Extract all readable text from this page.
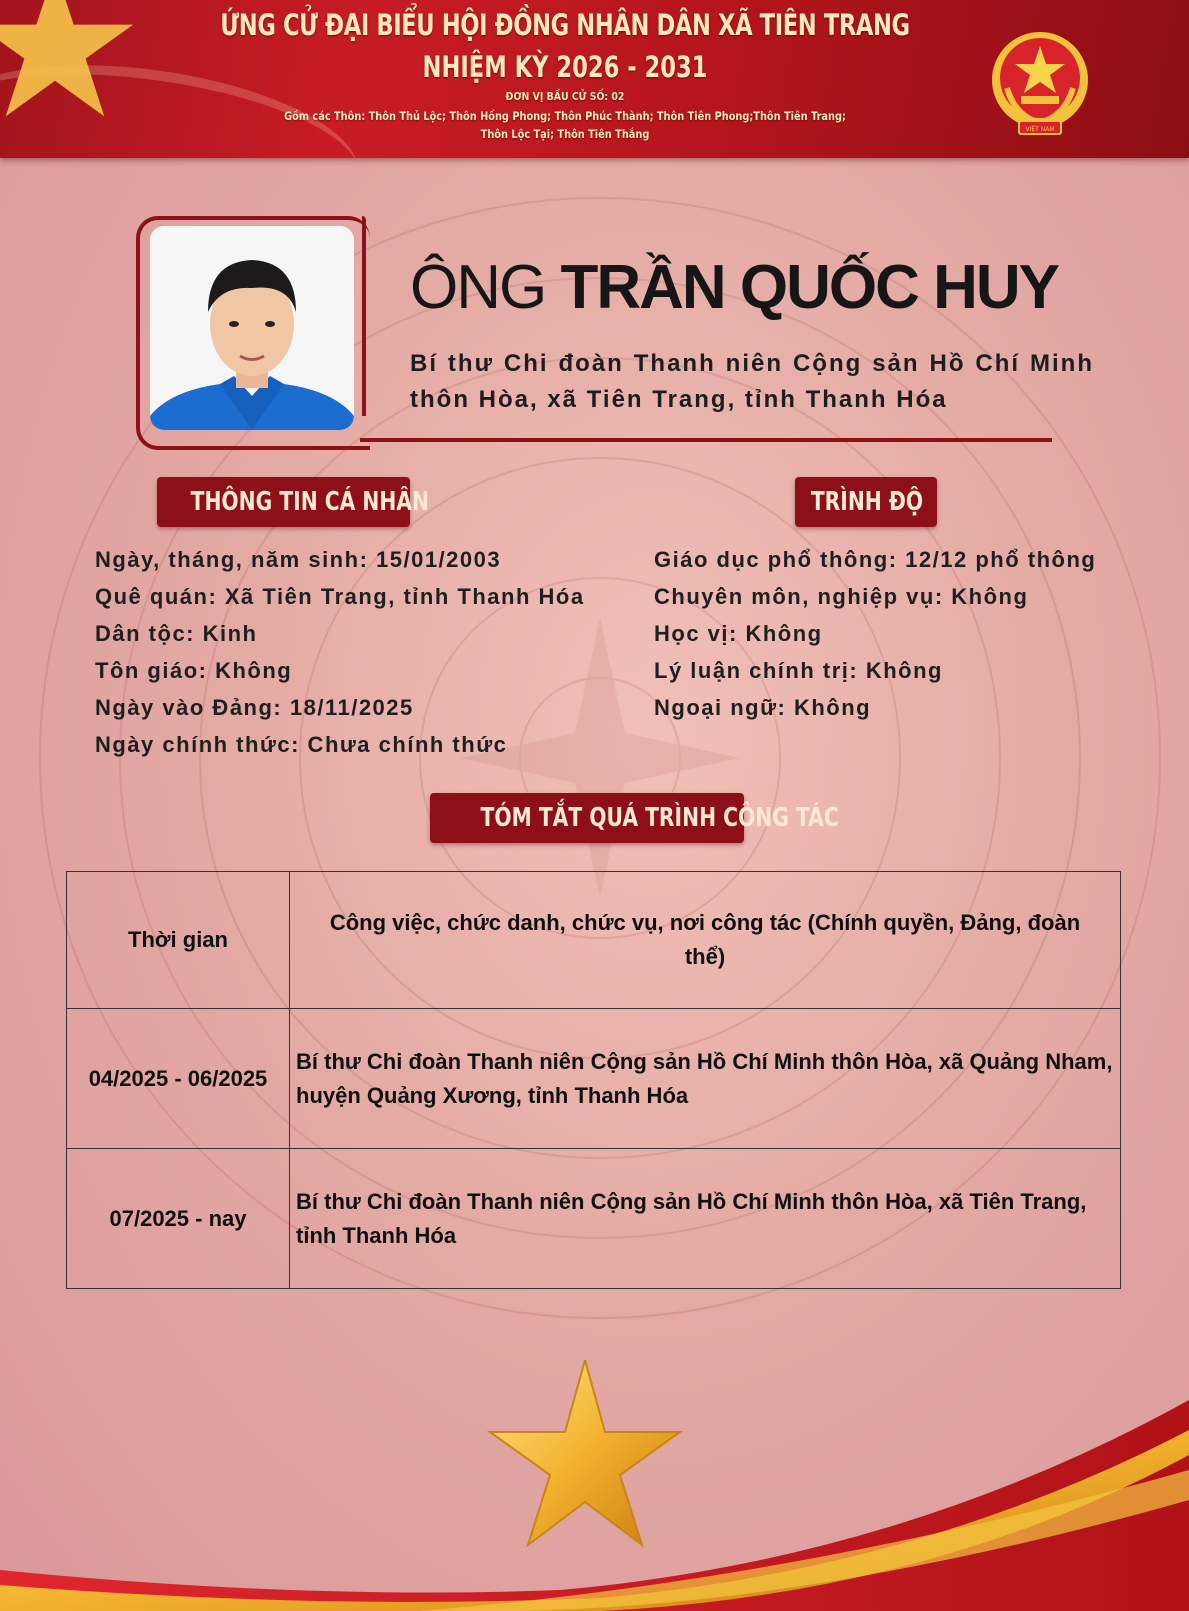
ỨNG CỬ ĐẠI BIỂU HỘI ĐỒNG NHÂN DÂN XÃ TIÊN TRANG
NHIỆM KỲ 2026 - 2031
ĐƠN VỊ BẦU CỬ SỐ: 02
Gồm các Thôn: Thôn Thủ Lộc; Thôn Hồng Phong; Thôn Phúc Thành; Thôn Tiên Phong;Thôn Tiên Trang;
Thôn Lộc Tại; Thôn Tiên Thắng	VIỆT NAM
ÔNG TRẦN QUỐC HUY
Bí thư Chi đoàn Thanh niên Cộng sản Hồ Chí Minh thôn Hòa, xã Tiên Trang, tỉnh Thanh Hóa
THÔNG TIN CÁ NHÂN	TRÌNH ĐỘ
Ngày, tháng, năm sinh: 15/01/2003
Quê quán: Xã Tiên Trang, tỉnh Thanh Hóa
Dân tộc: Kinh
Tôn giáo: Không
Ngày vào Đảng: 18/11/2025
Ngày chính thức: Chưa chính thức
Giáo dục phổ thông: 12/12 phổ thông
Chuyên môn, nghiệp vụ: Không
Học vị: Không
Lý luận chính trị: Không
Ngoại ngữ: Không
TÓM TẮT QUÁ TRÌNH CÔNG TÁC
Thời gian	Công việc, chức danh, chức vụ, nơi công tác (Chính quyền, Đảng, đoàn thể)
04/2025 - 06/2025	Bí thư Chi đoàn Thanh niên Cộng sản Hồ Chí Minh thôn Hòa, xã Quảng Nham, huyện Quảng Xương, tỉnh Thanh Hóa
07/2025 - nay	Bí thư Chi đoàn Thanh niên Cộng sản Hồ Chí Minh thôn Hòa, xã Tiên Trang, tỉnh Thanh Hóa
